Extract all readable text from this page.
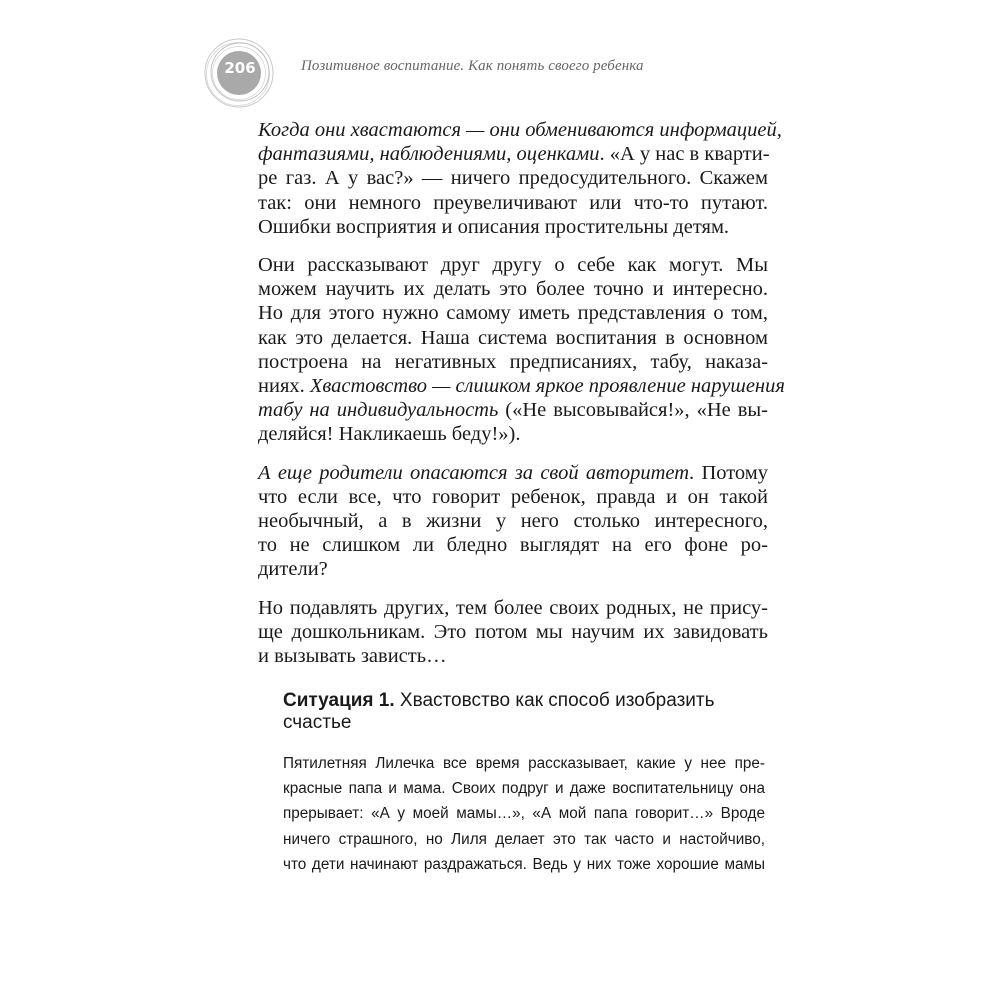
206	Позитивное воспитание. Как понять своего ребенка

Когда они хвастаются — они обмениваются информацией,
фантазиями, наблюдениями, оценками. «А у нас в кварти-
ре газ. А у вас?» — ничего предосудительного. Скажем
так: они немного преувеличивают или что-то путают.
Ошибки восприятия и описания простительны детям.

Они рассказывают друг другу о себе как могут. Мы
можем научить их делать это более точно и интересно.
Но для этого нужно самому иметь представления о том,
как это делается. Наша система воспитания в основном
построена на негативных предписаниях, табу, наказа-
ниях. Хвастовство — слишком яркое проявление нарушения
табу на индивидуальность («Не высовывайся!», «Не вы-
деляйся! Накликаешь беду!»).

А еще родители опасаются за свой авторитет. Потому
что если все, что говорит ребенок, правда и он такой
необычный, а в жизни у него столько интересного,
то не слишком ли бледно выглядят на его фоне ро-
дители?

Но подавлять других, тем более своих родных, не прису-
ще дошкольникам. Это потом мы научим их завидовать
и вызывать зависть…

Ситуация 1. Хвастовство как способ изобразить счастье
Пятилетняя Лилечка все время рассказывает, какие у нее пре-
красные папа и мама. Своих подруг и даже воспитательницу она
прерывает: «А у моей мамы…», «А мой папа говорит…» Вроде
ничего страшного, но Лиля делает это так часто и настойчиво,
что дети начинают раздражаться. Ведь у них тоже хорошие мамы
